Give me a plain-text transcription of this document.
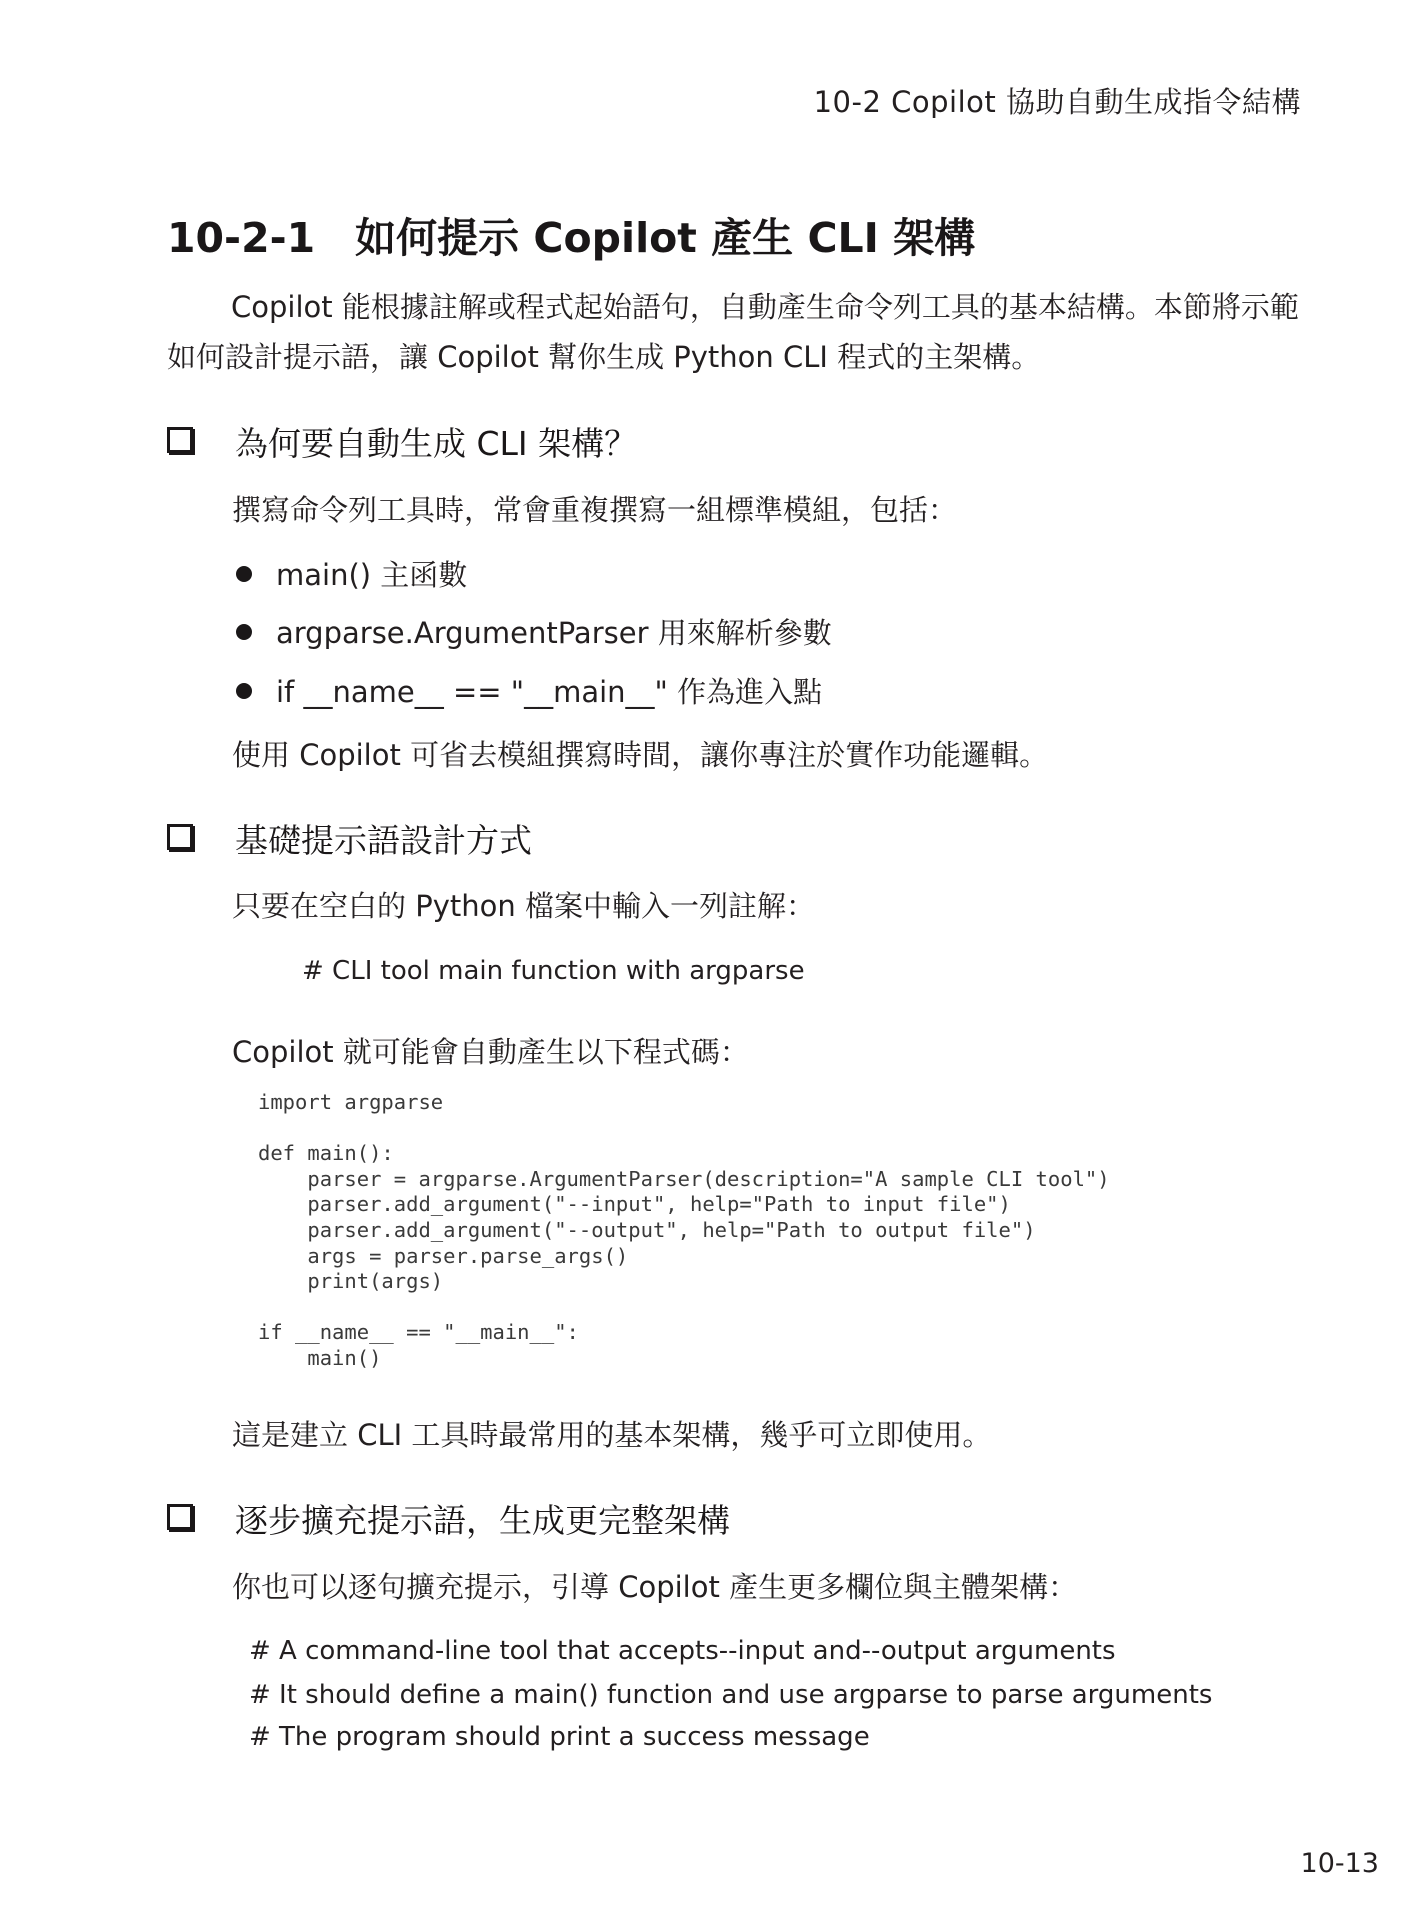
10-2 Copilot 協助自動生成指令結構
10-2-1 如何提示 Copilot 產生 CLI 架構
Copilot 能根據註解或程式起始語句，自動產生命令列工具的基本結構。本節將示範如何設計提示語，讓 Copilot 幫你生成 Python CLI 程式的主架構。
為何要自動生成 CLI 架構？
撰寫命令列工具時，常會重複撰寫一組標準模組，包括：
main() 主函數
argparse.ArgumentParser 用來解析參數
if __name__ == "__main__" 作為進入點
使用 Copilot 可省去模組撰寫時間，讓你專注於實作功能邏輯。
基礎提示語設計方式
只要在空白的 Python 檔案中輸入一列註解：
# CLI tool main function with argparse
Copilot 就可能會自動產生以下程式碼：
import argparse

def main():
parser = argparse.ArgumentParser(description="A sample CLI tool")
parser.add_argument("--input", help="Path to input file")
parser.add_argument("--output", help="Path to output file")
args = parser.parse_args()
print(args)

if __name__ == "__main__":
main()
這是建立 CLI 工具時最常用的基本架構，幾乎可立即使用。
逐步擴充提示語，生成更完整架構
你也可以逐句擴充提示，引導 Copilot 產生更多欄位與主體架構：
# A command-line tool that accepts--input and--output arguments
# It should define a main() function and use argparse to parse arguments
# The program should print a success message
10-13
